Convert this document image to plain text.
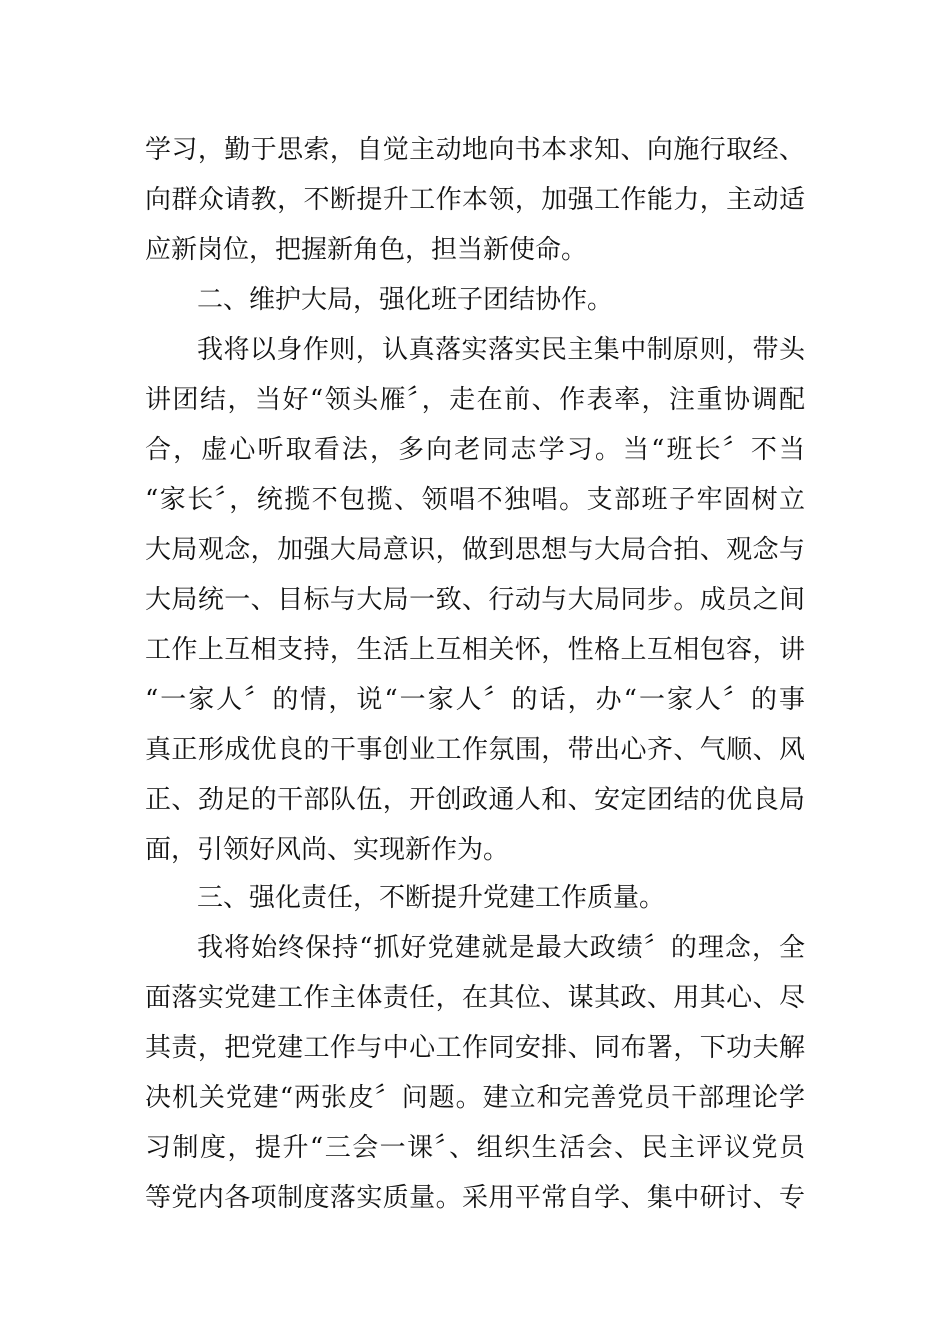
学习，勤于思索，自觉主动地向书本求知、向施行取经、
向群众请教，不断提升工作本领，加强工作能力，主动适
应新岗位，把握新角色，担当新使命。
二、维护大局，强化班子团结协作。
我将以身作则，认真落实落实民主集中制原则，带头
讲团结，当好“领头雁〞，走在前、作表率，注重协调配
合，虚心听取看法，多向老同志学习。当“班长〞不当
“家长〞，统揽不包揽、领唱不独唱。支部班子牢固树立
大局观念，加强大局意识，做到思想与大局合拍、观念与
大局统一、目标与大局一致、行动与大局同步。成员之间
工作上互相支持，生活上互相关怀，性格上互相包容，讲
“一家人〞的情，说“一家人〞的话，办“一家人〞的事
真正形成优良的干事创业工作氛围，带出心齐、气顺、风
正、劲足的干部队伍，开创政通人和、安定团结的优良局
面，引领好风尚、实现新作为。
三、强化责任，不断提升党建工作质量。
我将始终保持“抓好党建就是最大政绩〞的理念，全
面落实党建工作主体责任，在其位、谋其政、用其心、尽
其责，把党建工作与中心工作同安排、同布署，下功夫解
决机关党建“两张皮〞问题。建立和完善党员干部理论学
习制度，提升“三会一课〞、组织生活会、民主评议党员
等党内各项制度落实质量。采用平常自学、集中研讨、专
